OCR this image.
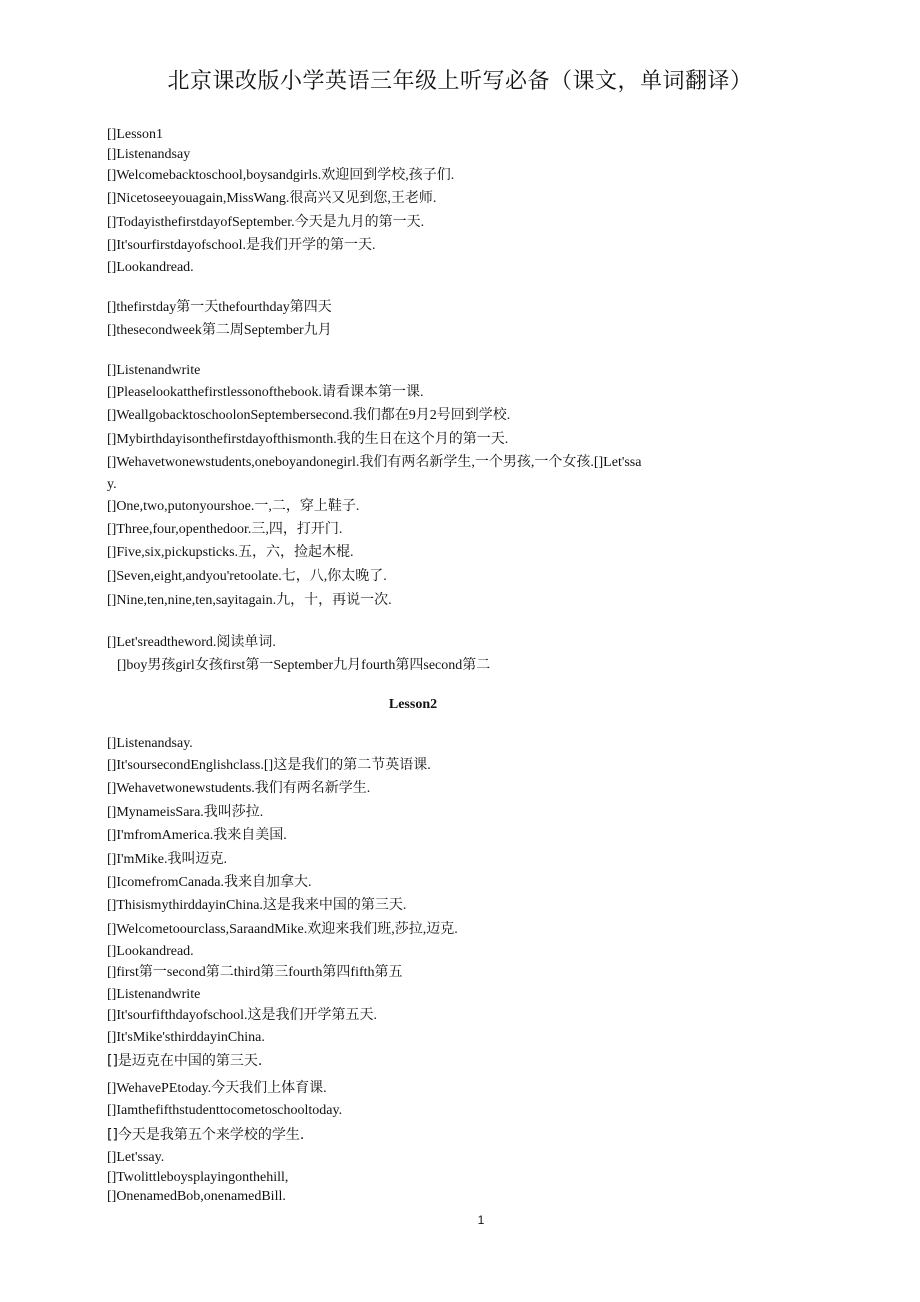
北京课改版小学英语三年级上听写必备（课文，单词翻译）
[]Lesson1
[]Listenandsay
[]Welcomebacktoschool,boysandgirls.欢迎回到学校,孩子们.
[]Nicetoseeyouagain,MissWang.很高兴又见到您,王老师.
[]TodayisthefirstdayofSeptember.今天是九月的第一天.
[]It'sourfirstdayofschool.是我们开学的第一天.
[]Lookandread.
[]thefirstday第一天thefourthday第四天
[]thesecondweek第二周September九月
[]Listenandwrite
[]Pleaselookatthefirstlessonofthebook.请看课本第一课.
[]WeallgobacktoschoolonSeptembersecond.我们都在9月2号回到学校.
[]Mybirthdayisonthefirstdayofthismonth.我的生日在这个月的第一天.
[]Wehavetwonewstudents,oneboyandonegirl.我们有两名新学生,一个男孩,一个女孩.[]Let'ssa
y.
[]One,two,putonyourshoe.一,二，穿上鞋子.
[]Three,four,openthedoor.三,四，打开门.
[]Five,six,pickupsticks.五，六，捡起木棍.
[]Seven,eight,andyou'retoolate.七，八,你太晚了.
[]Nine,ten,nine,ten,sayitagain.九，十，再说一次.
[]Let'sreadtheword.阅读单词.
[]boy男孩girl女孩first第一September九月fourth第四second第二
Lesson2
[]Listenandsay.
[]It'soursecondEnglishclass.[]这是我们的第二节英语课.
[]Wehavetwonewstudents.我们有两名新学生.
[]MynameisSara.我叫莎拉.
[]I'mfromAmerica.我来自美国.
[]I'mMike.我叫迈克.
[]IcomefromCanada.我来自加拿大.
[]ThisismythirddayinChina.这是我来中国的第三天.
[]Welcometoourclass,SaraandMike.欢迎来我们班,莎拉,迈克.
[]Lookandread.
[]first第一second第二third第三fourth第四fifth第五
[]Listenandwrite
[]It'sourfifthdayofschool.这是我们开学第五天.
[]It'sMike'sthirddayinChina.
[]是迈克在中国的第三天.
[]WehavePEtoday.今天我们上体育课.
[]Iamthefifthstudenttocometoschooltoday.
[]今天是我第五个来学校的学生.
[]Let'ssay.
[]Twolittleboysplayingonthehill,
[]OnenamedBob,onenamedBill.
1
